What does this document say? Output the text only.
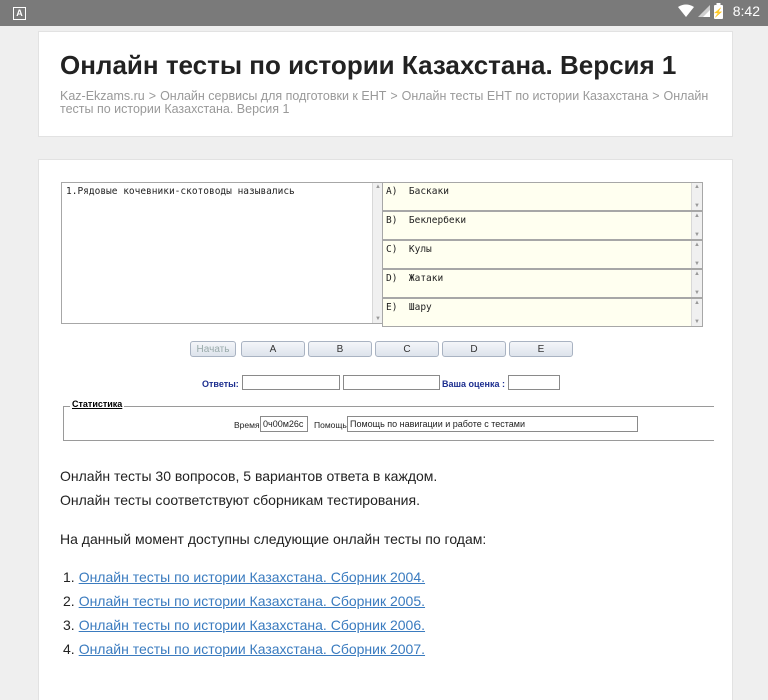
A	⚡ 8:42
Онлайн тесты по истории Казахстана. Версия 1
Kaz-Ekzams.ru > Онлайн сервисы для подготовки к ЕНТ > Онлайн тесты ЕНТ по истории Казахстана > Онлайн тесты по истории Казахстана. Версия 1
1.Рядовые кочевники-скотоводы назывались	▲
▼
A)  Баскаки	▲
▼
B)  Беклербеки	▲
▼
C)  Кулы	▲
▼
D)  Жатаки	▲
▼
E)  Шару	▲
▼
Начать	A	B	C	D	E
Ответы:	Ваша оценка :
Статистика
Время 0ч00м26с	Помощь Помощь по навигации и работе с тестами
Онлайн тесты 30 вопросов, 5 вариантов ответа в каждом.
Онлайн тесты соответствуют сборникам тестирования.
На данный момент доступны следующие онлайн тесты по годам:
1. Онлайн тесты по истории Казахстана. Сборник 2004.
2. Онлайн тесты по истории Казахстана. Сборник 2005.
3. Онлайн тесты по истории Казахстана. Сборник 2006.
4. Онлайн тесты по истории Казахстана. Сборник 2007.
